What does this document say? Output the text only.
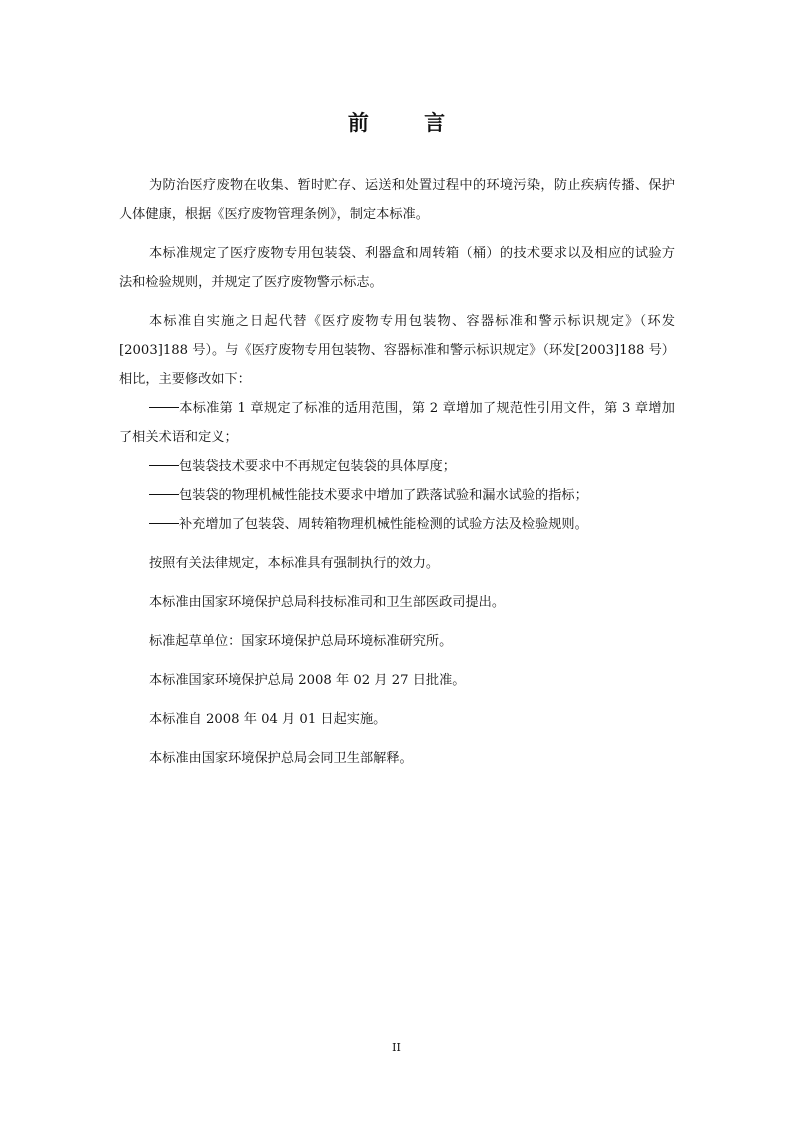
前 言

为防治医疗废物在收集、暂时贮存、运送和处置过程中的环境污染，防止疾病传播、保护人体健康，根据《医疗废物管理条例》，制定本标准。

本标准规定了医疗废物专用包装袋、利器盒和周转箱（桶）的技术要求以及相应的试验方法和检验规则，并规定了医疗废物警示标志。

本标准自实施之日起代替《医疗废物专用包装物、容器标准和警示标识规定》（环发[2003]188 号）。与《医疗废物专用包装物、容器标准和警示标识规定》（环发[2003]188 号）相比，主要修改如下：

本标准第 1 章规定了标准的适用范围，第 2 章增加了规范性引用文件，第 3 章增加了相关术语和定义；

包装袋技术要求中不再规定包装袋的具体厚度；

包装袋的物理机械性能技术要求中增加了跌落试验和漏水试验的指标；

补充增加了包装袋、周转箱物理机械性能检测的试验方法及检验规则。

按照有关法律规定，本标准具有强制执行的效力。

本标准由国家环境保护总局科技标准司和卫生部医政司提出。

标准起草单位：国家环境保护总局环境标准研究所。

本标准国家环境保护总局 2008 年 02 月 27 日批准。

本标准自 2008 年 04 月 01 日起实施。

本标准由国家环境保护总局会同卫生部解释。

II
